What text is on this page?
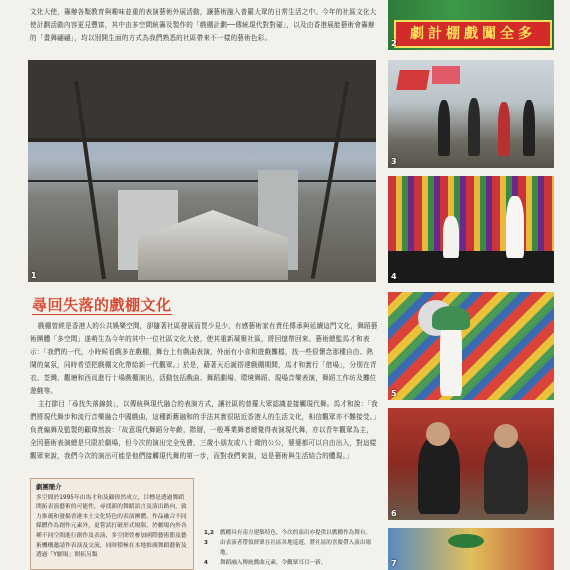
文化大使，籌辦各類教育與趣味並重的表演藝術外展活動，讓藝術融入普羅大眾的日常生活之中。今年的社區文化大使計劃活動內容更見豐富，其中由多空間統籌及製作的「戲棚計劃──傳統現代對對碰」，以及由香港展能藝術會籌辦的「畫舞翩翩」，均以別開生面的方式為我們熟悉的社區帶來不一樣的藝術色彩。
1
劇計棚戲闖全多
2
3
4
5
6
7
尋回失落的戲棚文化

戲棚曾經是香港人的公共娛樂空間，卻隨著社區發展而買少見少，有感藝術家有責任傳承與延續這門文化，舞蹈藝術團體「多空間」遂萌生為今年的其中一位社區文化大使，使其重新凝聚社區，將回憶帶回來。藝術總監馬才和表示：「我們的一代，小時候看戲多在戲棚，舞台上有戲曲表演，外面有小食和遊戲攤檔，找一些很懷念那種自由、熱鬧的氣氛，同時希望把戲棚文化帶給新一代觀眾。」於是，藉著天后誕搭建戲棚期間，馬才和實行「借場」，分別在青衣、荃灣、觀塘和西貢進行十場戲棚演出，活動包括戲曲、舞蹈劇場、環境舞蹈、現場音樂表演，舞蹈工作坊及攤位遊戲等。

主打節目「尋找失落錦鼓」，以傳統與現代融合的表演方式，讓社區的普羅大眾認識並接觸現代舞。馬才和說：「我們將現代舞步和流行音樂融合中國戲曲，這種新舊融和的手法其實很貼近香港人的生活文化，相信觀眾亦不難接受。」負責編舞及監製的顧偉然說：「故意現代舞蹈分年齡，階層，一般專業舞者總覺得表演現代舞，亦以青年觀眾為主，全因藝術表演總是只限於劇場，但今次的演出完全免費，三歲小朋友或八十歲的公公，婆婆都可以自由出入，對這樣觀眾來說，我們今次的演出可能是他們接觸現代舞的第一步，而對我們來說，這是藝術與生活結合的體現。」

劇團簡介
多空間於1995年由馬才和及顧偉然成立，目標是透過舞蹈開拓表演藝術的可能性，尋找新的舞蹈語言及演出路向，致力推廣和發揚香港本土文化特色的表演團體，作品融合不同媒體作為創作元素外，更嘗試打破形式規限，於劇場內外各種不同空間進行創作及表演，多空間曾參加國際藝術節及藝術機構邀請作表演及交流，同時積極在本地推廣舞蹈藝術及透過「Y劇場」開拓另類

1,2 戲棚具有南方建築特色，今次的演出亦提供以戲棚作為舞台。

3 由表演者帶領群眾在社區各地巡遊，將社區的喜慶帶入演出場地。

4 舞蹈融入傳統戲曲元素，令觀眾耳目一新。
